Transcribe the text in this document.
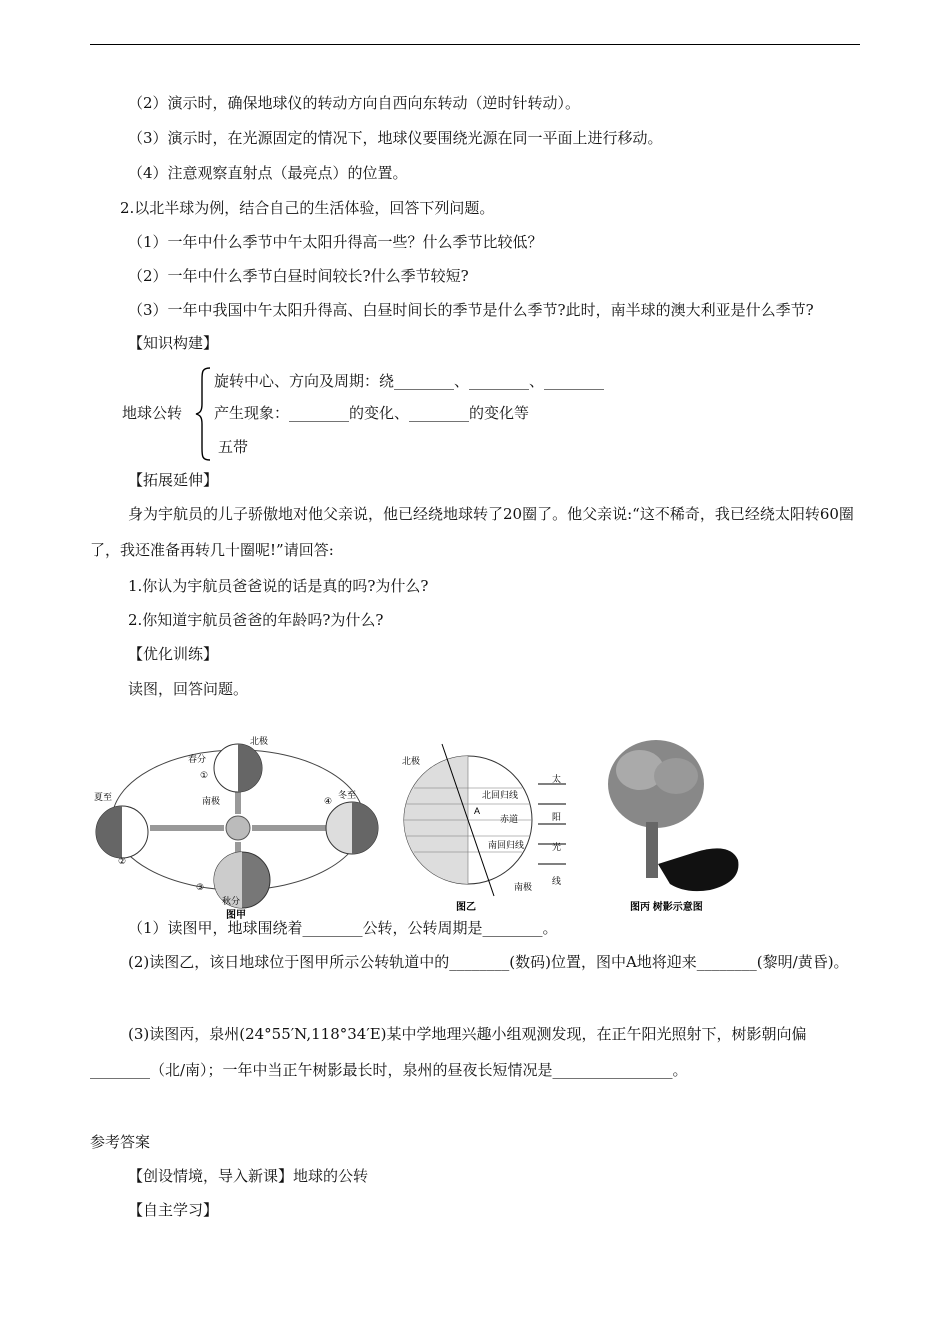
（2）演示时，确保地球仪的转动方向自西向东转动（逆时针转动）。
（3）演示时，在光源固定的情况下，地球仪要围绕光源在同一平面上进行移动。
（4）注意观察直射点（最亮点）的位置。
2.以北半球为例，结合自己的生活体验，回答下列问题。
（1）一年中什么季节中午太阳升得高一些？什么季节比较低？
（2）一年中什么季节白昼时间较长?什么季节较短?
（3）一年中我国中午太阳升得高、白昼时间长的季节是什么季节?此时，南半球的澳大利亚是什么季节?
【知识构建】
地球公转
旋转中心、方向及周期：绕________、________、________
产生现象：________的变化、________的变化等
五带
【拓展延伸】
身为宇航员的儿子骄傲地对他父亲说，他已经绕地球转了20圈了。他父亲说:“这不稀奇，我已经绕太阳转60圈了，我还准备再转几十圈呢!”请回答:
1.你认为宇航员爸爸说的话是真的吗?为什么?
2.你知道宇航员爸爸的年龄吗?为什么?
【优化训练】
读图，回答问题。
春分
北极
南极
夏至	冬至
秋分
①
②
③
④
图甲
北极
南极
北回归线
赤道
南回归线
A
太
阳
光
线
图乙	图丙 树影示意图
（1）读图甲，地球围绕着________公转，公转周期是________。
(2)读图乙，该日地球位于图甲所示公转轨道中的________(数码)位置，图中A地将迎来________(黎明/黄昏)。
(3)读图丙，泉州(24°55′N,118°34′E)某中学地理兴趣小组观测发现，在正午阳光照射下，树影朝向偏________（北/南）；一年中当正午树影最长时，泉州的昼夜长短情况是________________。
参考答案
【创设情境，导入新课】地球的公转
【自主学习】
